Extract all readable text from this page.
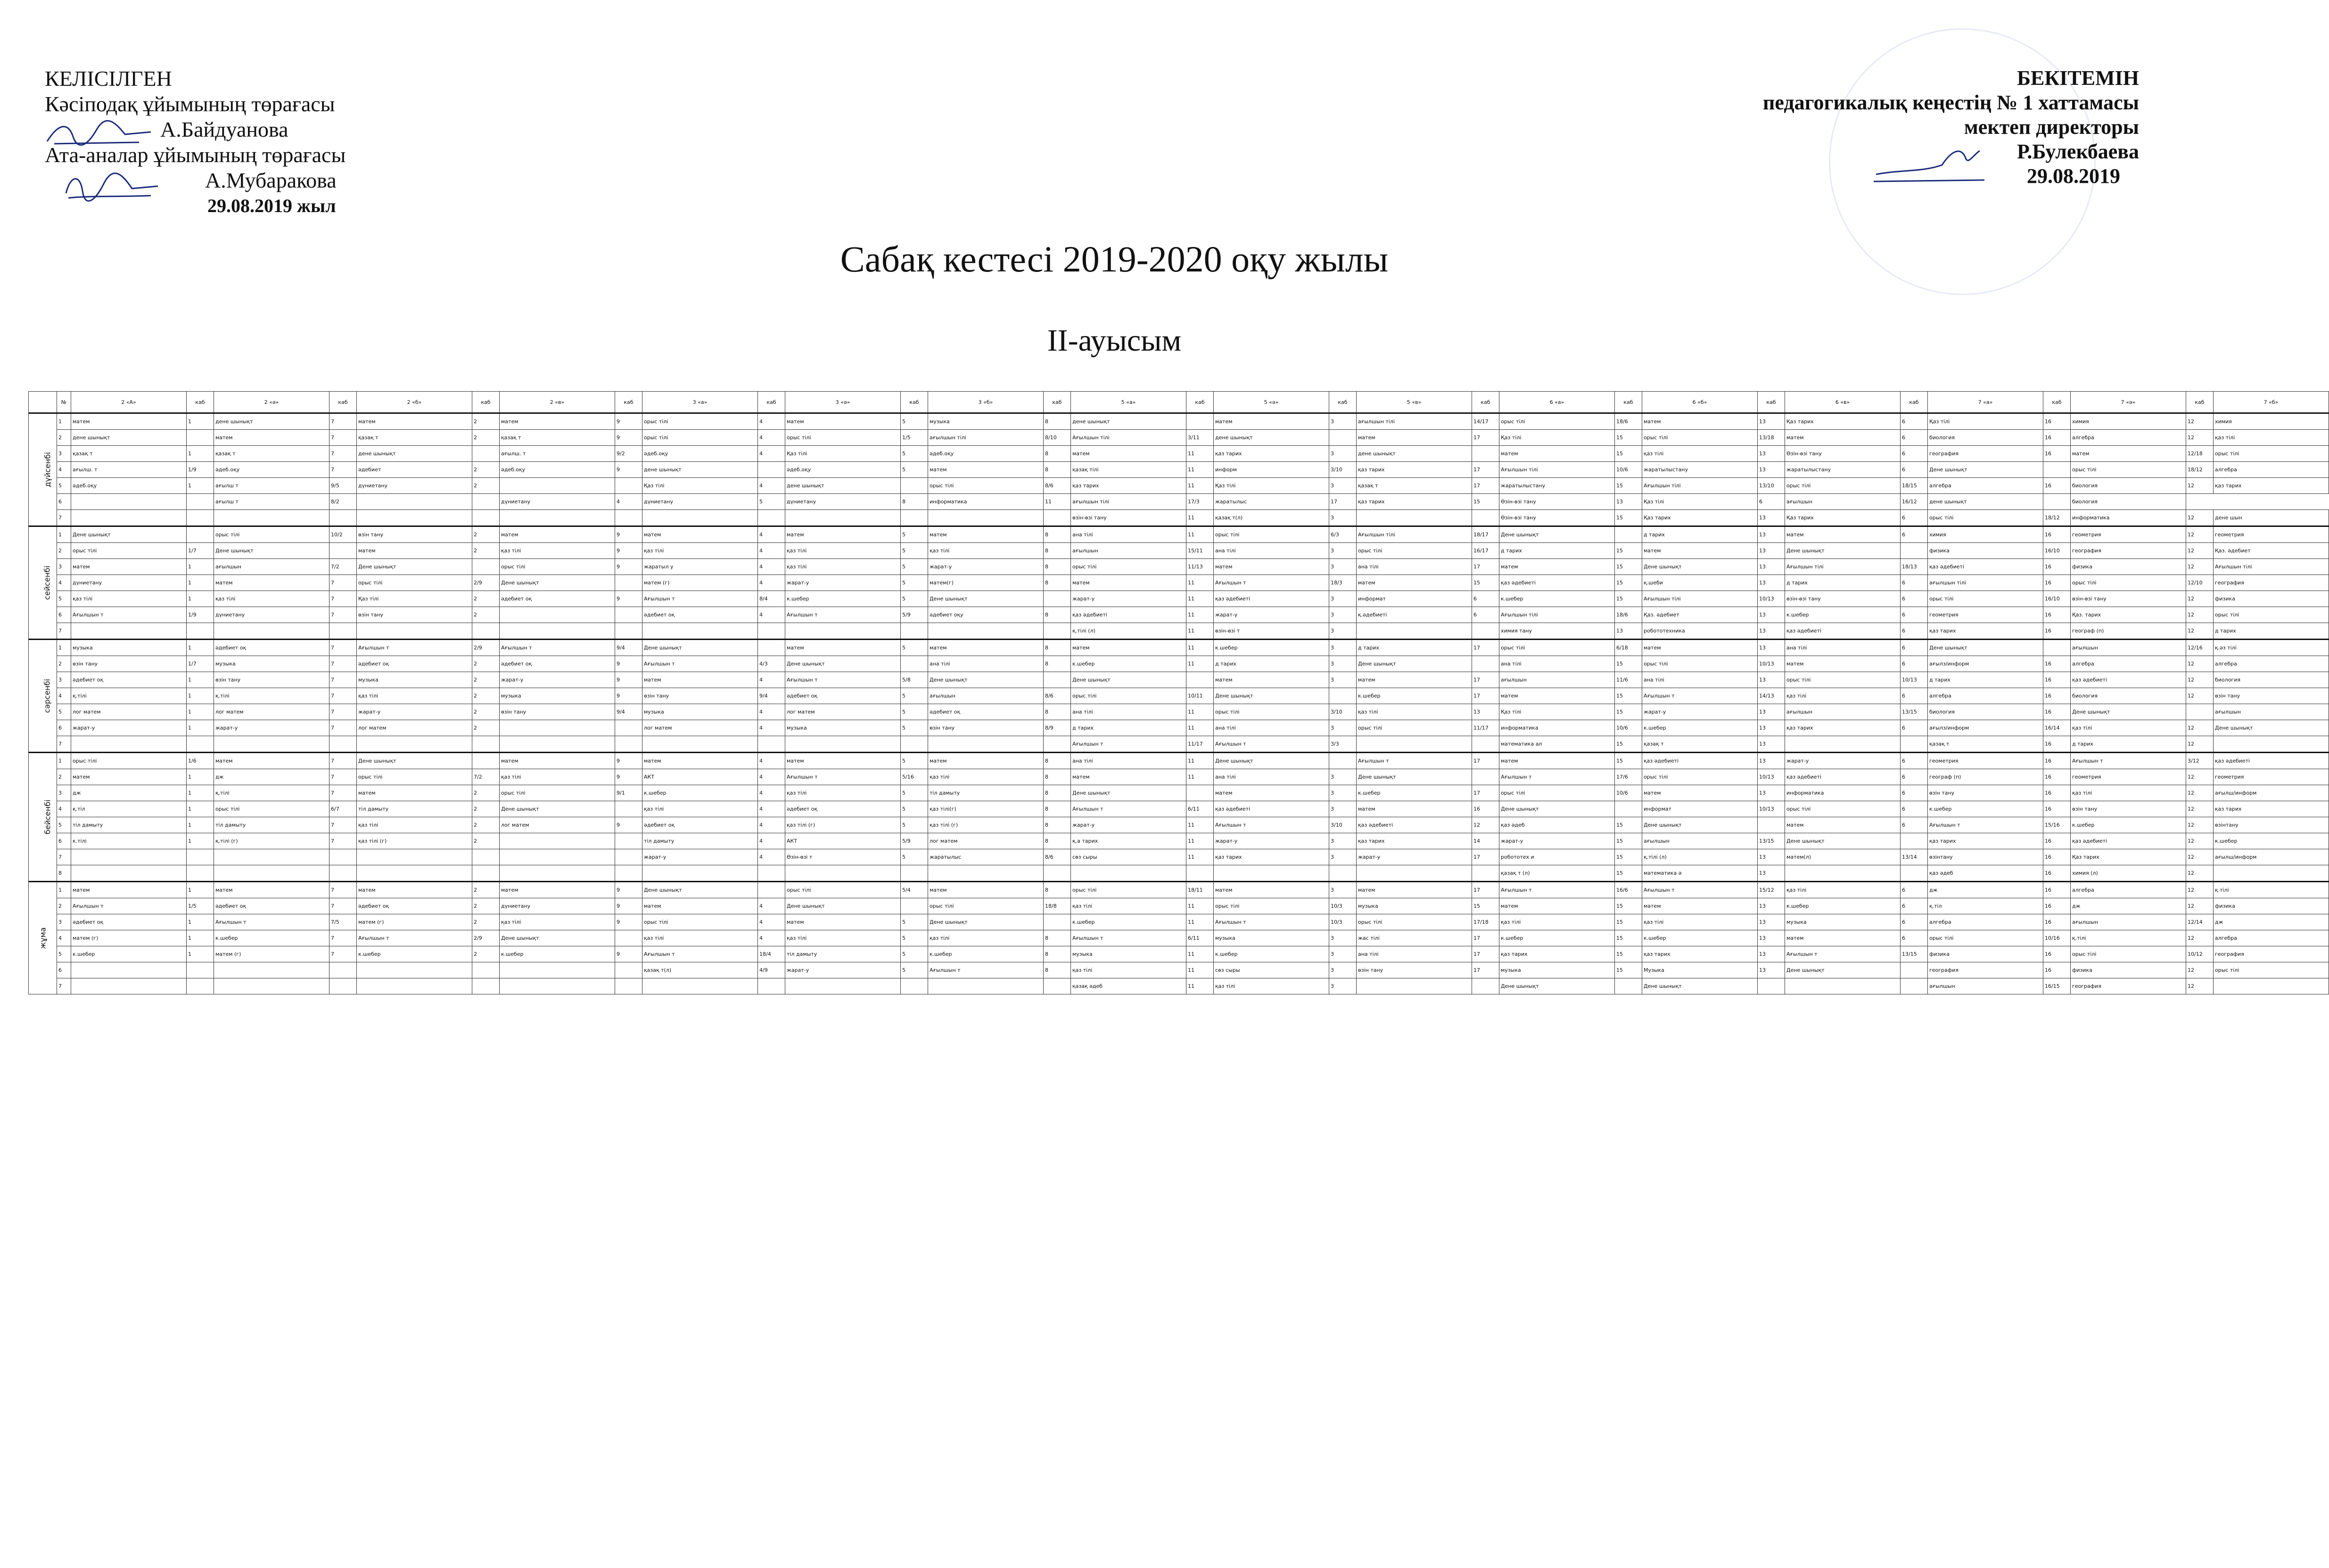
КЕЛІСІЛГЕН
Кәсіподақ ұйымының төрағасы
А.Байдуанова
Ата-аналар ұйымының төрағасы
А.Мубаракова
29.08.2019 жыл
БЕКІТЕМІН
педагогикалық кеңестің № 1 хаттамасы
мектеп директоры
Р.Булекбаева
29.08.2019
Сабақ кестесі 2019-2020 оқу жылы
ІІ-ауысым
	№	2 «А»	каб	2 «ә»	каб	2 «б»	каб	2 «в»	каб	3 «а»	каб	3 «ә»	каб	3 «б»	каб	5 «а»	каб	5 «ә»	каб	5 «в»	каб	6 «а»	каб	6 «б»	каб	6 «в»	каб	7 «а»	каб	7 «ә»	каб	7 «б»
дүйсенбі	1	матем	1	дене шынықт	7	матем	2	матем	9	орыс тілі	4	матем	5	музыка	8	дене шынықт		матем	3	ағылшын тілі	14/17	орыс тілі	18/6	матем	13	Қаз тарих	6	Қаз тілі	16	химия	12	химия
	2	дене шынықт		матем	7	қазақ т	2	қазақ т	9	орыс тілі	4	орыс тілі	1/5	ағылшын тілі	8/10	Ағылшын тілі	3/11	дене шынықт		матем	17	Қаз тілі	15	орыс тілі	13/18	матем	6	биология	16	алгебра	12	қаз тілі
	3	қазақ т	1	қазақ т	7	дене шынықт		ағылш. т	9/2	әдеб.оқу	4	Қаз тілі	5	әдеб.оқу	8	матем	11	қаз тарих	3	дене шынықт		матем	15	қаз тілі	13	Өзін-өзі тану	6	география	16	матем	12/18	орыс тілі
	4	ағылш. т	1/9	әдеб.оқу	7	әдебиет	2	әдеб.оқу	9	дене шынықт		әдеб.оқу	5	матем	8	қазақ тілі	11	информ	3/10	қаз тарих	17	Ағылшын тілі	10/6	жаратылыстану	13	жаратылыстану	6	Дене шынықт		орыс тілі	18/12	алгебра
	5	әдеб.оқу	1	ағылш т	9/5	дүниетану	2			Қаз тілі	4	дене шынықт		орыс тілі	8/6	қаз тарих	11	Қаз тілі	3	қазақ т	17	жаратылыстану	15	Ағылшын тілі	13/10	орыс тілі	18/15	алгебра	16	биология	12	қаз тарих
	6			ағылш т	8/2			дүниетану	4	дүниетану	5	дүниетану	8	информатика	11	ағылшын тілі	17/3	жаратылыс	17	қаз тарих	15	Өзін-өзі тану	13	Қаз тілі	6	ағылшын	16/12	дене шынықт		биология		
	7															өзін-өзі тану	11	қазақ т(л)	3			Өзін-өзі тану	15	Қаз тарих	13	Қаз тарих	6	орыс тілі	18/12	информатика	12	дене шын
сейсенбі	1	Дене шынықт		орыс тілі	10/2	өзін тану	2	матем	9	матем	4	матем	5	матем	8	ана тілі	11	орыс тілі	6/3	Ағылшын тілі	18/17	Дене шынықт		д тарих	13	матем	6	химия	16	геометрия	12	геометрия
	2	орыс тілі	1/7	Дене шынықт		матем	2	қаз тілі	9	қаз тілі	4	қаз тілі	5	қаз тілі	8	ағылшын	15/11	ана тілі	3	орыс тілі	16/17	д тарих	15	матем	13	Дене шынықт		физика	16/10	география	12	Қаз. әдебиет
	3	матем	1	ағылшын	7/2	Дене шынықт		орыс тілі	9	жаратыл у	4	қаз тілі	5	жарат-у	8	орыс тілі	11/13	матем	3	ана тілі	17	матем	15	Дене шынықт	13	Ағылшын тілі	18/13	қаз әдебиеті	16	физика	12	Ағылшын тілі
	4	дүниетану	1	матем	7	орыс тілі	2/9	Дене шынықт		матем (г)	4	жарат-у	5	матем(г)	8	матем	11	Ағылшын т	18/3	матем	15	қаз әдебиеті	15	қ.шеби	13	д тарих	6	ағылшын тілі	16	орыс тілі	12/10	география
	5	қаз тілі	1	қаз тілі	7	Қаз тілі	2	әдебиет оқ	9	Ағылшын т	8/4	к.шебер	5	Дене шынықт		жарат-у	11	қаз әдебиеті	3	информат	6	к.шебер	15	Ағылшын тілі	10/13	өзін-өзі тану	6	орыс тілі	16/10	өзін-өзі тану	12	физика
	6	Ағылшын т	1/9	дүниетану	7	өзін тану	2			әдебиет оқ	4	Ағылшын т	5/9	әдебиет оқу	8	қаз әдебиеті	11	жарат-у	3	қ.әдебиеті	6	Ағылшын тілі	18/6	Қаз. әдебиет	13	к.шебер	6	геометрия	16	Қаз. тарих	12	орыс тілі
	7															қ.тілі (л)	11	өзін-өзі т	3			химия тану	13	робототехника	13	қаз әдебиеті	6	қаз тарих	16	географ (п)	12	д тарих
сәрсенбі	1	музыка	1	әдебиет оқ	7	Ағылшын т	2/9	Ағылшын т	9/4	Дене шынықт		матем	5	матем	8	матем	11	к.шебер	3	д тарих	17	орыс тілі	6/18	матем	13	ана тілі	6	Дене шынықт		ағылшын	12/16	қ.әз тілі
	2	өзін тану	1/7	музыка	7	әдебиет оқ	2	әдебиет оқ	9	Ағылшын т	4/3	Дене шынықт		ана тілі	8	к.шебер	11	д тарих	3	Дене шынықт		ана тілі	15	орыс тілі	10/13	матем	6	ағылз/информ	16	алгебра	12	алгебра
	3	әдебиет оқ	1	өзін тану	7	музыка	2	жарат-у	9	матем	4	Ағылшын т	5/8	Дене шынықт		Дене шынықт		матем	3	матем	17	ағылшын	11/6	ана тілі	13	орыс тілі	10/13	д тарих	16	қаз әдебиеті	12	биология
	4	қ.тілі	1	қ.тілі	7	қаз тілі	2	музыка	9	өзін тану	9/4	әдебиет оқ	5	ағылшын	8/6	орыс тілі	10/11	Дене шынықт		к.шебер	17	матем	15	Ағылшын т	14/13	қаз тілі	6	алгебра	16	биология	12	өзін тану
	5	лог матем	1	лог матем	7	жарат-у	2	өзін тану	9/4	музыка	4	лог матем	5	әдебиет оқ	8	ана тілі	11	орыс тілі	3/10	қаз тілі	13	Қаз тілі	15	жарат-у	13	ағылшын	13/15	биология	16	Дене шынықт		ағылшын
	6	жарат-у	1	жарат-у	7	лог матем	2			лог матем	4	музыка	5	өзін тану	8/9	д тарих	11	ана тілі	3	орыс тілі	11/17	информатика	10/6	к.шебер	13	қаз тарих	6	ағылз/информ	16/14	қаз тілі	12	Дене шынықт
	7															Ағылшын т	11/17	Ағылшын т	3/3			математика ал	15	қазақ т	13			қазақ т	16	д тарих	12	
бейсенбі	1	орыс тілі	1/6	матем	7	Дене шынықт		матем	9	матем	4	матем	5	матем	8	ана тілі	11	Дене шынықт		Ағылшын т	17	матем	15	қаз әдебиеті	13	жарат-у	6	геометрия	16	Ағылшын т	3/12	қаз әдебиеті
	2	матем	1	дж	7	орыс тілі	7/2	қаз тілі	9	АКТ	4	Ағылшын т	5/16	қаз тілі	8	матем	11	ана тілі	3	Дене шынықт		Ағылшын т	17/6	орыс тілі	10/13	қаз әдебиеті	6	географ (п)	16	геометрия	12	геометрия
	3	дж	1	қ.тілі	7	матем	2	орыс тілі	9/1	к.шебер	4	қаз тілі	5	тіл дамыту	8	Дене шынықт		матем	3	к.шебер	17	орыс тілі	10/6	матем	13	информатика	6	өзін тану	16	қаз тілі	12	ағылш/информ
	4	қ.тіл	1	орыс тілі	6/7	тіл дамыту	2	Дене шынықт		қаз тілі	4	әдебиет оқ	5	қаз тілі(г)	8	Ағылшын т	6/11	қаз әдебиеті	3	матем	16	Дене шынықт		информат	10/13	орыс тілі	6	к.шебер	16	өзін тану	12	қаз тарих
	5	тіл дамыту	1	тіл дамыту	7	қаз тілі	2	лог матем	9	әдебиет оқ	4	қаз тілі (г)	5	қаз тілі (г)	8	жарат-у	11	Ағылшын т	3/10	қаз әдебиеті	12	қаз әдеб	15	Дене шынықт		матем	6	Ағылшын т	15/16	к.шебер	12	өзінтану
	6	к.тілі	1	қ.тілі (г)	7	қаз тілі (г)	2			тіл дамыту	4	АКТ	5/9	лог матем	8	қ.а тарих	11	жарат-у	3	қаз тарих	14	жарат-у	15	ағылшын	13/15	Дене шынықт		қаз тарих	16	қаз әдебиеті	12	к.шебер
	7									жарат-у	4	Өзін-өзі т	5	жаратылыс	8/6	сөз сыры	11	қаз тарих	3	жарат-у	17	робототех и	15	қ.тілі (л)	13	матем(л)	13/14	өзінтану	16	Қаз тарих	12	ағылш/информ
	8																					қазақ т (л)	15	математика ә	13			қаз әдеб	16	химия (л)	12	
жұма	1	матем	1	матем	7	матем	2	матем	9	Дене шынықт		орыс тілі	5/4	матем	8	орыс тілі	18/11	матем	3	матем	17	Ағылшын т	16/6	Ағылшын т	15/12	қаз тілі	6	дж	16	алгебра	12	қ тілі
	2	Ағылшын т	1/5	әдебиет оқ	7	әдебиет оқ	2	дүниетану	9	матем	4	Дене шынықт		орыс тілі	18/8	қаз тілі	11	орыс тілі	10/3	музыка	15	матем	15	матем	13	к.шебер	6	қ.тіл	16	дж	12	физика
	3	әдебиет оқ	1	Ағылшын т	7/5	матем (г)	2	қаз тілі	9	орыс тілі	4	матем	5	Дене шынықт		к.шебер	11	Ағылшын т	10/3	орыс тілі	17/18	қаз тілі	15	қаз тілі	13	музыка	6	алгебра	16	ағылшын	12/14	дж
	4	матем (г)	1	к.шебер	7	Ағылшын т	2/9	Дене шынықт		қаз тілі	4	қаз тілі	5	қаз тілі	8	Ағылшын т	6/11	музыка	3	жас тілі	17	к.шебер	15	к.шебер	13	матем	6	орыс тілі	10/16	қ.тілі	12	алгебра
	5	к.шебер	1	матем (г)	7	к.шебер	2	к.шебер	9	Ағылшын т	18/4	тіл дамыту	5	к.шебер	8	музыка	11	к.шебер	3	ана тілі	17	қаз тарих	15	қаз тарих	13	Ағылшын т	13/15	физика	16	орыс тілі	10/12	география
	6									қазақ т(л)	4/9	жарат-у	5	Ағылшын т	8	қаз тілі	11	сөз сыры	3	өзін тану	17	музыка	15	Музыка	13	Дене шынықт		география	16	физика	12	орыс тілі
	7															қазақ әдеб	11	қаз тілі	3			Дене шынықт		Дене шынықт				ағылшын	16/15	география	12	
